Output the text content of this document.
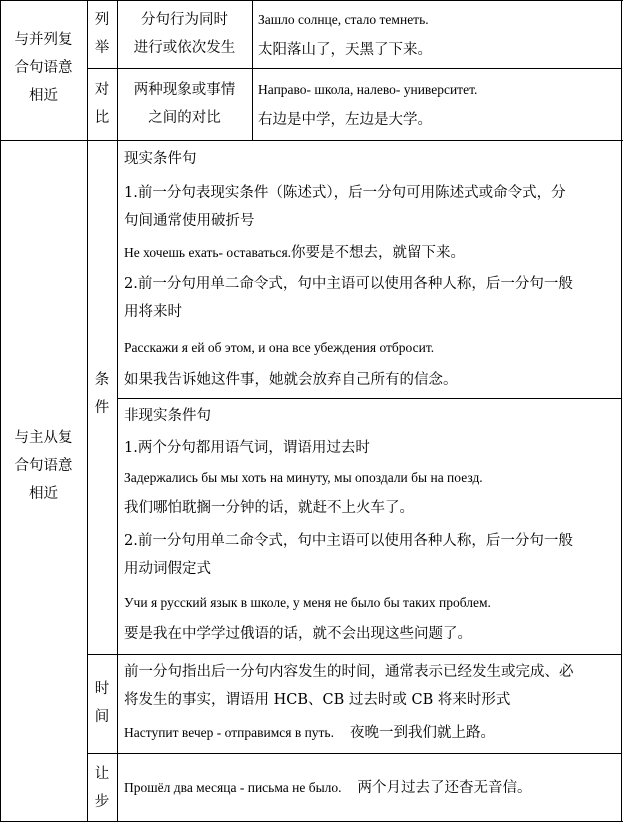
与并列复
合句语意
相近
列
举
分句行为同时
进行或依次发生
Зашло солнце, стало темнеть.
太阳落山了，天黑了下来。
对
比
两种现象或事情
之间的对比
Направо- школа, налево- университет.
右边是中学，左边是大学。
与主从复
合句语意
相近
条
件
现实条件句
1.前一分句表现实条件（陈述式），后一分句可用陈述式或命令式，分
句间通常使用破折号
Не хочешь ехать- оставаться.你要是不想去，就留下来。
2.前一分句用单二命令式，句中主语可以使用各种人称，后一分句一般
用将来时
Расскажи я ей об этом, и она все убеждения отбросит.
如果我告诉她这件事，她就会放弃自己所有的信念。
非现实条件句
1.两个分句都用语气词，谓语用过去时
Задержались бы мы хоть на минуту, мы опоздали бы на поезд.
我们哪怕耽搁一分钟的话，就赶不上火车了。
2.前一分句用单二命令式，句中主语可以使用各种人称，后一分句一般
用动词假定式
Учи я русский язык в школе, у меня не было бы таких проблем.
要是我在中学学过俄语的话，就不会出现这些问题了。
时
间
前一分句指出后一分句内容发生的时间，通常表示已经发生或完成、必
将发生的事实，谓语用 НСВ、СВ 过去时或 СВ 将来时形式
Наступит вечер - отправимся в путь. 夜晚一到我们就上路。
让
步
Прошёл два месяца - письма не было. 两个月过去了还杳无音信。
